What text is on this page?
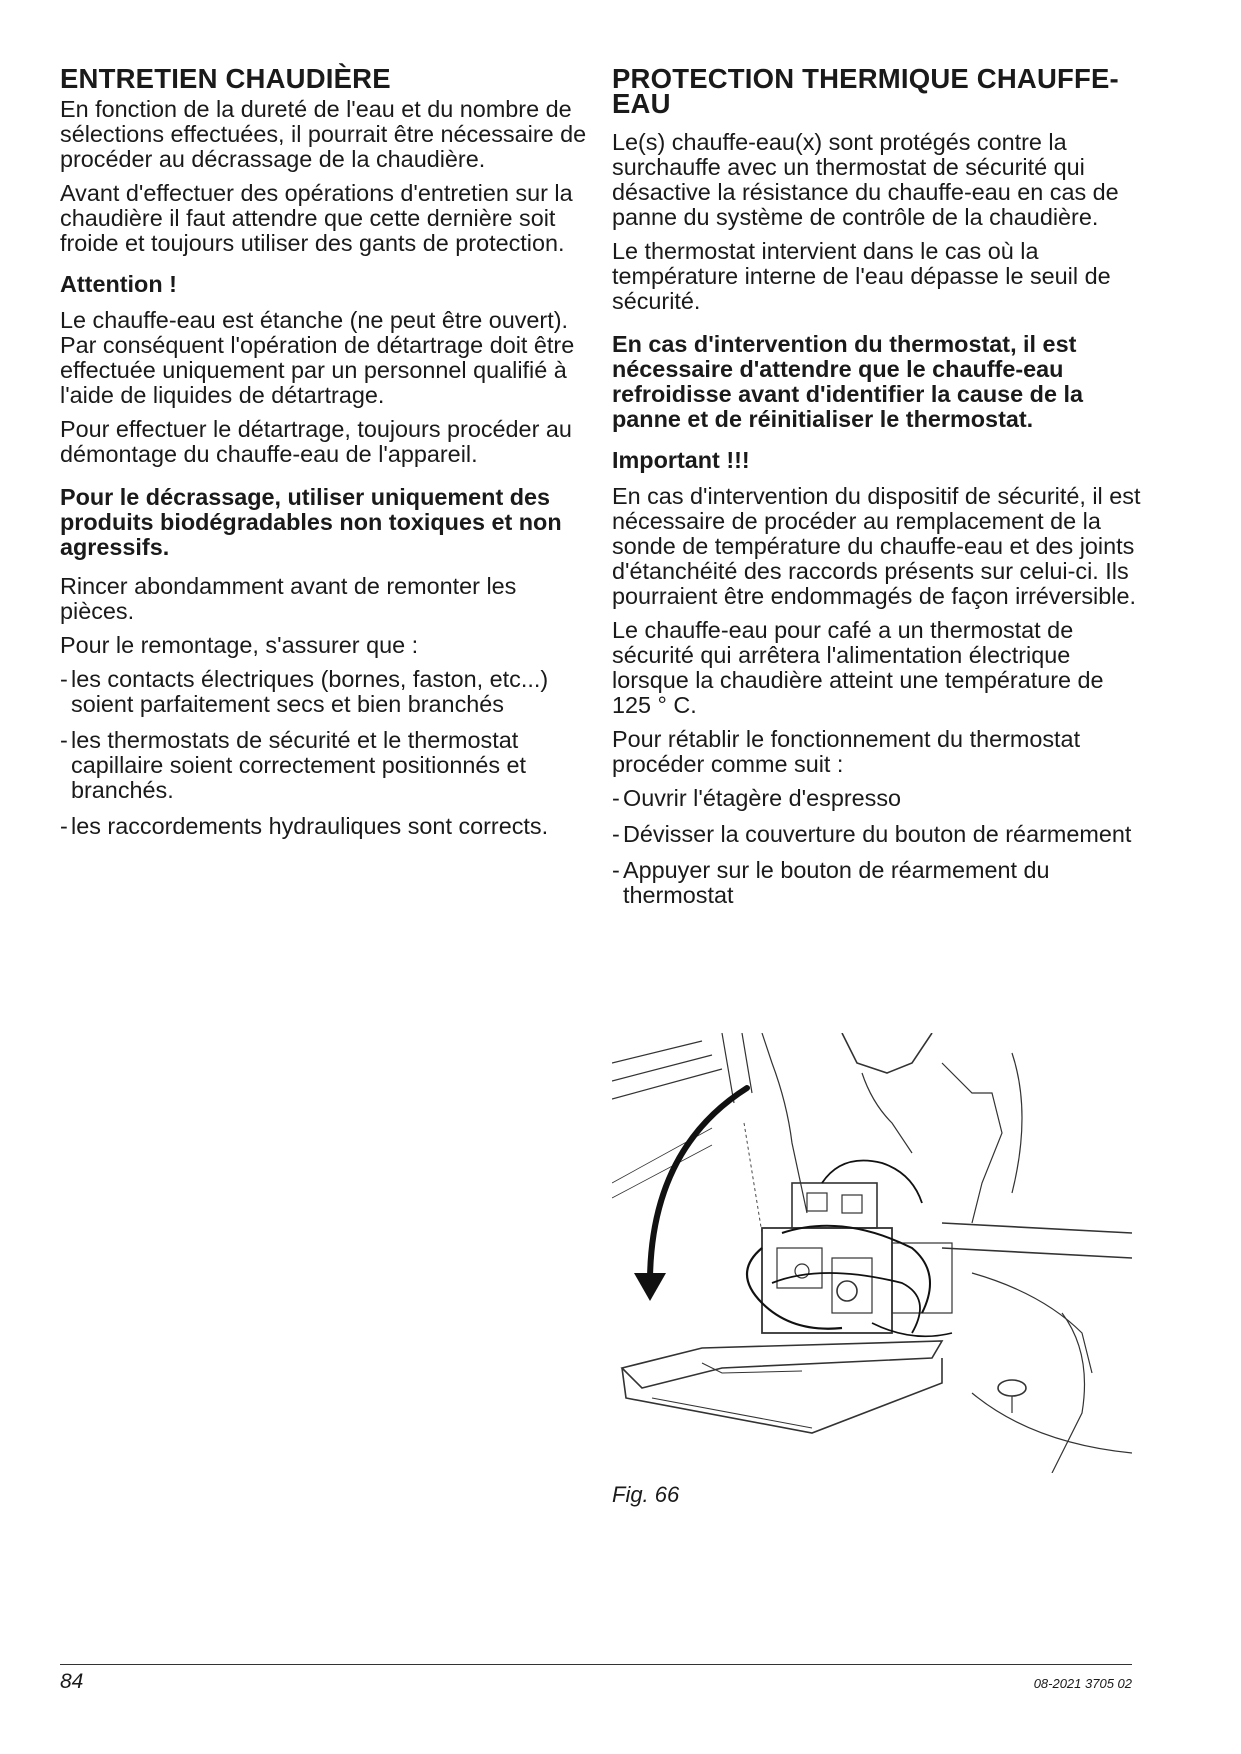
ENTRETIEN CHAUDIÈRE

En fonction de la dureté de l'eau et du nombre de sélections effectuées, il pourrait être nécessaire de procéder au décrassage de la chaudière.

Avant d'effectuer des opérations d'entretien sur la chaudière il faut attendre que cette dernière soit froide et toujours utiliser des gants de protection.

Attention !

Le chauffe-eau est étanche (ne peut être ouvert). Par conséquent l'opération de détartrage doit être effectuée uniquement par un personnel qualifié à l'aide de liquides de détartrage.

Pour effectuer le détartrage, toujours procéder au démontage du chauffe-eau de l'appareil.

Pour le décrassage, utiliser uniquement des produits biodégradables non toxiques et non agressifs.

Rincer abondamment avant de remonter les pièces.

Pour le remontage, s'assurer que :

- les contacts électriques (bornes, faston, etc...) soient parfaitement secs et bien branchés
- les thermostats de sécurité et le thermostat capillaire soient correctement positionnés et branchés.
- les raccordements hydrauliques sont corrects.
PROTECTION THERMIQUE CHAUFFE-EAU

Le(s) chauffe-eau(x) sont protégés contre la surchauffe avec un thermostat de sécurité qui désactive la résistance du chauffe-eau en cas de panne du système de contrôle de la chaudière.

Le thermostat intervient dans le cas où la température interne de l'eau dépasse le seuil de sécurité.

En cas d'intervention du thermostat, il est nécessaire d'attendre que le chauffe-eau refroidisse avant d'identifier la cause de la panne et de réinitialiser le thermostat.

Important !!!

En cas d'intervention du dispositif de sécurité, il est nécessaire de procéder au remplacement de la sonde de température du chauffe-eau et des joints d'étanchéité des raccords présents sur celui-ci. Ils pourraient être endommagés de façon irréversible.

Le chauffe-eau pour café a un thermostat de sécurité qui arrêtera l'alimentation électrique lorsque la chaudière atteint une température de 125 ° C.

Pour rétablir le fonctionnement du thermostat procéder comme suit :

- Ouvrir l'étagère d'espresso
- Dévisser la couverture du bouton de réarmement
- Appuyer sur le bouton de réarmement du thermostat
Fig. 66
84	08-2021 3705 02
